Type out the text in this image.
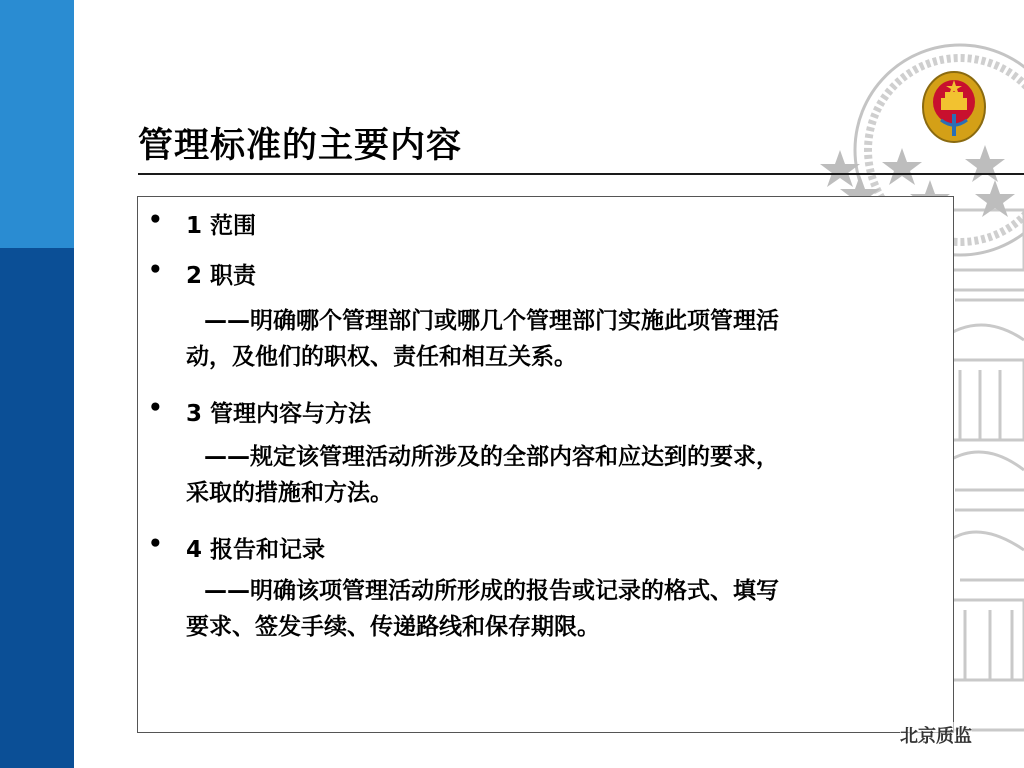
管理标准的主要内容
• 1 范围
• 2 职责
——明确哪个管理部门或哪几个管理部门实施此项管理活
动，及他们的职权、责任和相互关系。
• 3 管理内容与方法
——规定该管理活动所涉及的全部内容和应达到的要求，
采取的措施和方法。
• 4 报告和记录
——明确该项管理活动所形成的报告或记录的格式、填写
要求、签发手续、传递路线和保存期限。
北京质监
